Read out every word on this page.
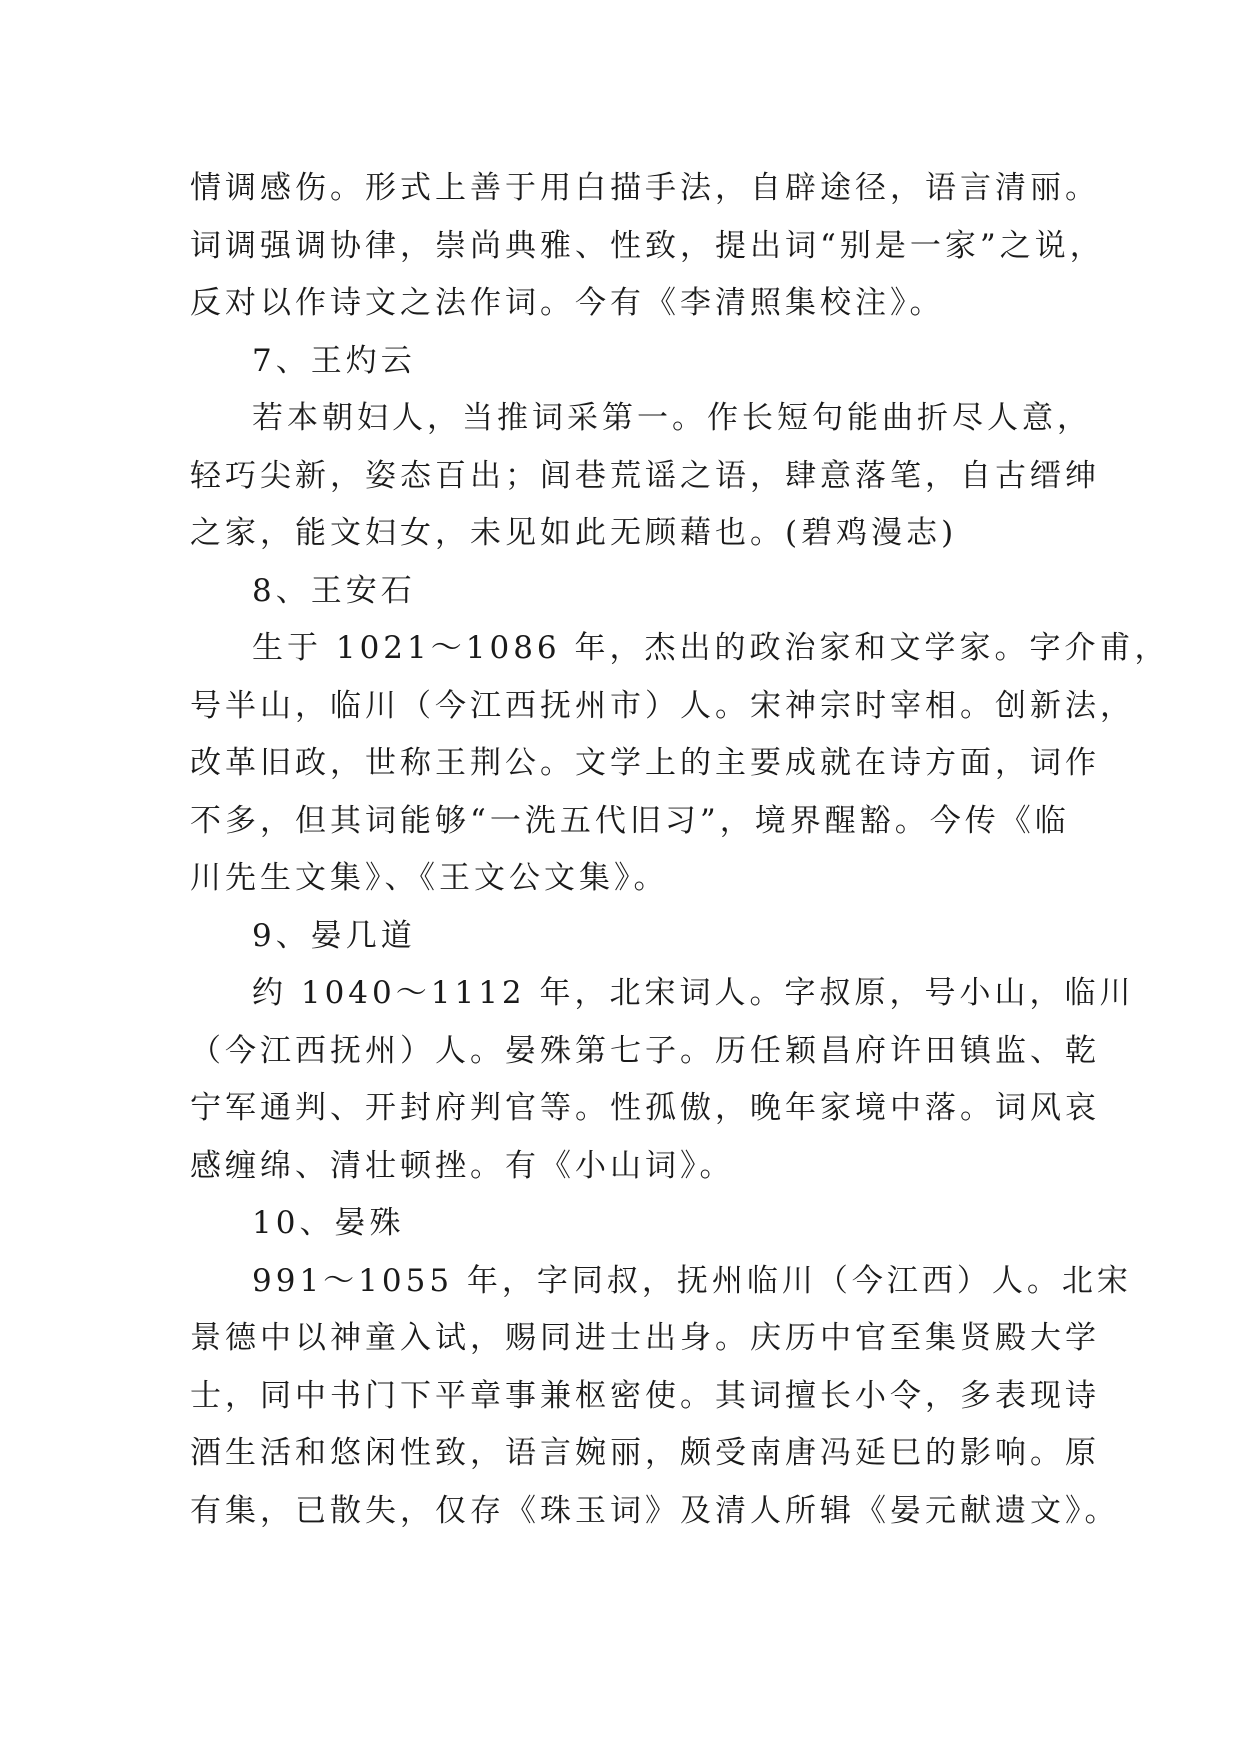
情调感伤。形式上善于用白描手法，自辟途径，语言清丽。
词调强调协律，崇尚典雅、性致，提出词“别是一家”之说，
反对以作诗文之法作词。今有《李清照集校注》。
7、王灼云
若本朝妇人，当推词采第一。作长短句能曲折尽人意，
轻巧尖新，姿态百出；闾巷荒谣之语，肆意落笔，自古缙绅
之家，能文妇女，未见如此无顾藉也。(碧鸡漫志)
8、王安石
生于 1021～1086 年，杰出的政治家和文学家。字介甫，
号半山，临川（今江西抚州市）人。宋神宗时宰相。创新法，
改革旧政，世称王荆公。文学上的主要成就在诗方面，词作
不多，但其词能够“一洗五代旧习”，境界醒豁。今传《临
川先生文集》、《王文公文集》。
9、晏几道
约 1040～1112 年，北宋词人。字叔原，号小山，临川
（今江西抚州）人。晏殊第七子。历任颖昌府许田镇监、乾
宁军通判、开封府判官等。性孤傲，晚年家境中落。词风哀
感缠绵、清壮顿挫。有《小山词》。
10、晏殊
991～1055 年，字同叔，抚州临川（今江西）人。北宋
景德中以神童入试，赐同进士出身。庆历中官至集贤殿大学
士，同中书门下平章事兼枢密使。其词擅长小令，多表现诗
酒生活和悠闲性致，语言婉丽，颇受南唐冯延巳的影响。原
有集，已散失，仅存《珠玉词》及清人所辑《晏元献遗文》。
